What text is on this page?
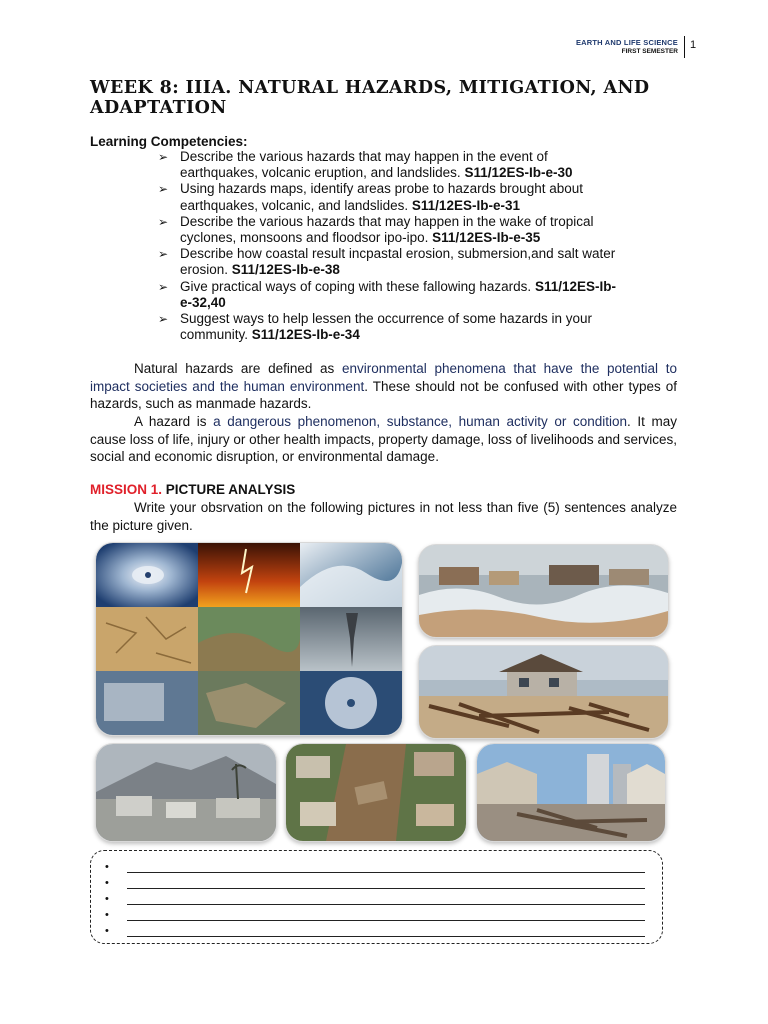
EARTH AND LIFE SCIENCE
FIRST SEMESTER
1
WEEK 8: IIIA. NATURAL HAZARDS, MITIGATION, AND
ADAPTATION
Learning Competencies:
➢ Describe the various hazards that may happen in the event of
earthquakes, volcanic eruption, and landslides. S11/12ES-Ib-e-30
➢ Using hazards maps, identify areas probe to hazards brought about
earthquakes, volcanic, and landslides. S11/12ES-Ib-e-31
➢ Describe the various hazards that may happen in the wake of tropical
cyclones, monsoons and floodsor ipo-ipo. S11/12ES-Ib-e-35
➢ Describe how coastal result incpastal erosion, submersion,and salt water
erosion. S11/12ES-Ib-e-38
➢ Give practical ways of coping with these fallowing hazards. S11/12ES-Ib-
e-32,40
➢ Suggest ways to help lessen the occurrence of some hazards in your
community. S11/12ES-Ib-e-34
Natural hazards are defined as environmental phenomena that have the potential to impact societies and the human environment. These should not be confused with other types of hazards, such as manmade hazards.
A hazard is a dangerous phenomenon, substance, human activity or condition. It may cause loss of life, injury or other health impacts, property damage, loss of livelihoods and services, social and economic disruption, or environmental damage.
MISSION 1. PICTURE ANALYSIS
Write your obsrvation on the following pictures in not less than five (5) sentences analyze the picture given.
•
•
•
•
•
